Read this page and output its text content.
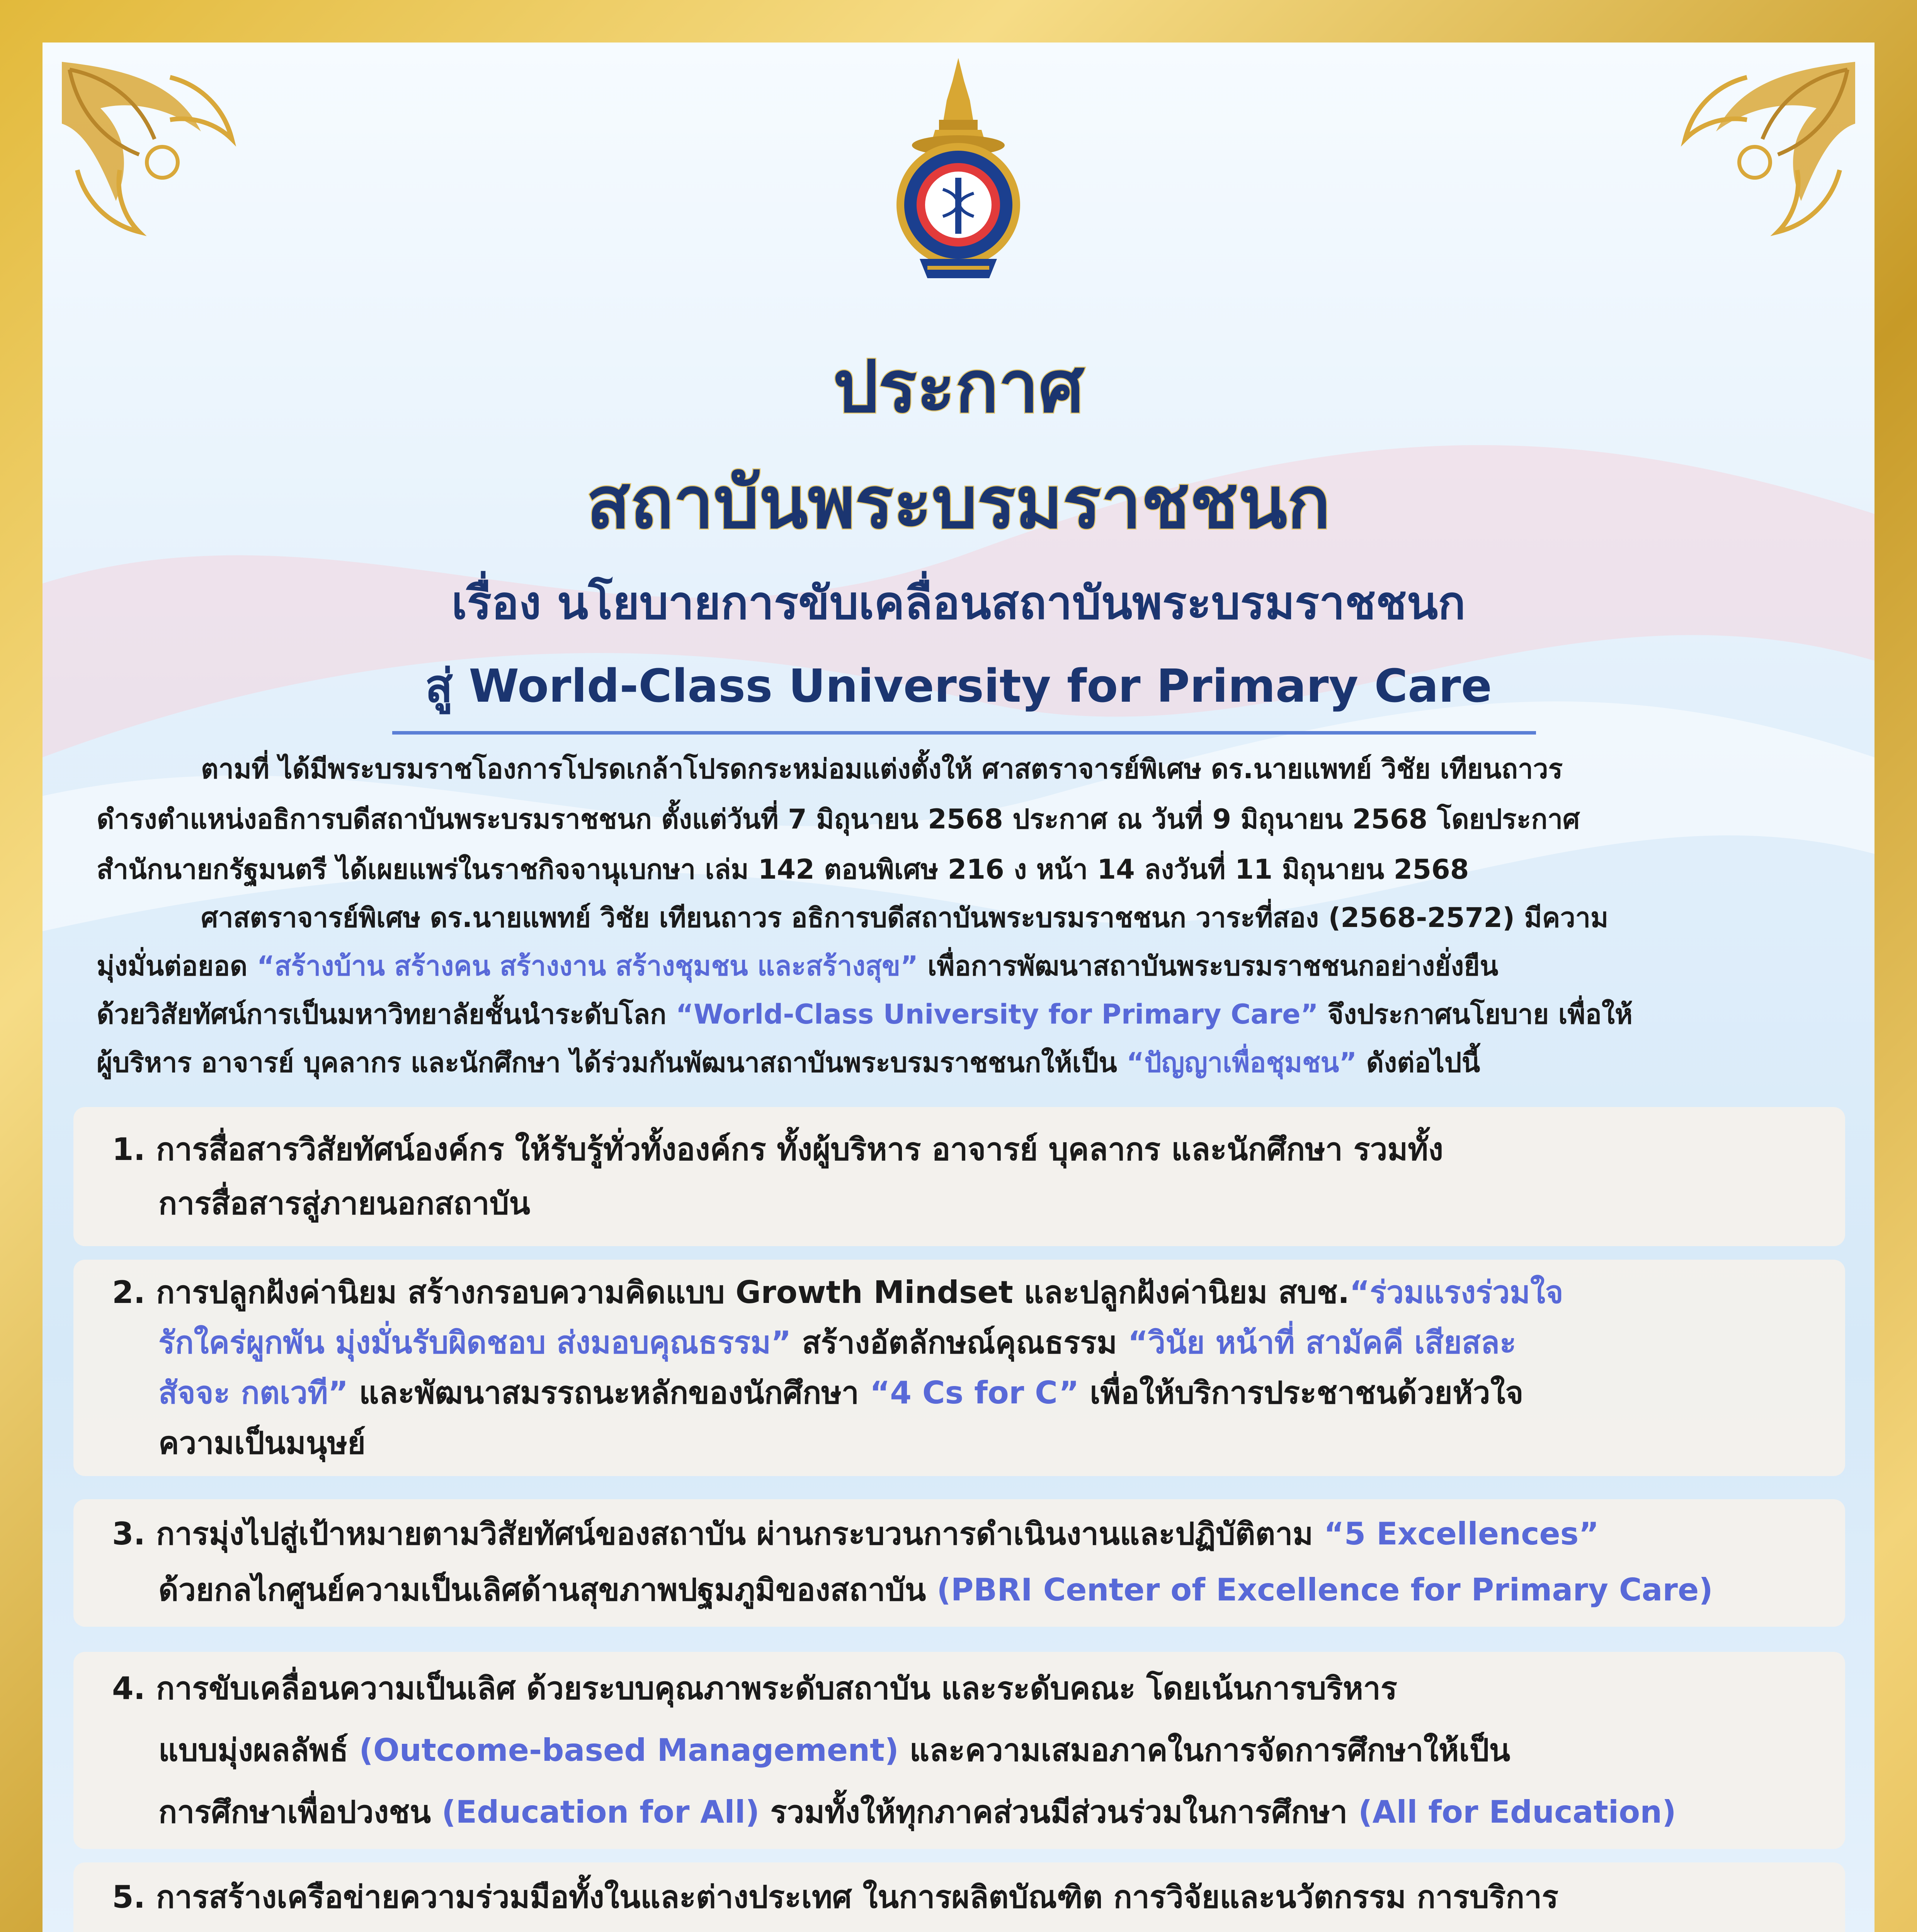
ประกาศ
สถาบันพระบรมราชชนก
เรื่อง นโยบายการขับเคลื่อนสถาบันพระบรมราชชนก
สู่ World-Class University for Primary Care
ตามที่ ได้มีพระบรมราชโองการโปรดเกล้าโปรดกระหม่อมแต่งตั้งให้ ศาสตราจารย์พิเศษ ดร.นายแพทย์ วิชัย เทียนถาวร
ดำรงตำแหน่งอธิการบดีสถาบันพระบรมราชชนก ตั้งแต่วันที่ 7 มิถุนายน 2568 ประกาศ ณ วันที่ 9 มิถุนายน 2568 โดยประกาศ
สำนักนายกรัฐมนตรี ได้เผยแพร่ในราชกิจจานุเบกษา เล่ม 142 ตอนพิเศษ 216 ง หน้า 14 ลงวันที่ 11 มิถุนายน 2568
ศาสตราจารย์พิเศษ ดร.นายแพทย์ วิชัย เทียนถาวร อธิการบดีสถาบันพระบรมราชชนก วาระที่สอง (2568-2572) มีความ
มุ่งมั่นต่อยอด “สร้างบ้าน สร้างคน สร้างงาน สร้างชุมชน และสร้างสุข” เพื่อการพัฒนาสถาบันพระบรมราชชนกอย่างยั่งยืน
ด้วยวิสัยทัศน์การเป็นมหาวิทยาลัยชั้นนำระดับโลก “World-Class University for Primary Care” จึงประกาศนโยบาย เพื่อให้
ผู้บริหาร อาจารย์ บุคลากร และนักศึกษา ได้ร่วมกันพัฒนาสถาบันพระบรมราชชนกให้เป็น “ปัญญาเพื่อชุมชน” ดังต่อไปนี้
1. การสื่อสารวิสัยทัศน์องค์กร ให้รับรู้ทั่วทั้งองค์กร ทั้งผู้บริหาร อาจารย์ บุคลากร และนักศึกษา รวมทั้ง
การสื่อสารสู่ภายนอกสถาบัน
2. การปลูกฝังค่านิยม สร้างกรอบความคิดแบบ Growth Mindset และปลูกฝังค่านิยม สบช.“ร่วมแรงร่วมใจ
รักใคร่ผูกพัน มุ่งมั่นรับผิดชอบ ส่งมอบคุณธรรม” สร้างอัตลักษณ์คุณธรรม “วินัย หน้าที่ สามัคคี เสียสละ
สัจจะ กตเวที” และพัฒนาสมรรถนะหลักของนักศึกษา “4 Cs for C” เพื่อให้บริการประชาชนด้วยหัวใจ
ความเป็นมนุษย์
3. การมุ่งไปสู่เป้าหมายตามวิสัยทัศน์ของสถาบัน ผ่านกระบวนการดำเนินงานและปฏิบัติตาม “5 Excellences”
ด้วยกลไกศูนย์ความเป็นเลิศด้านสุขภาพปฐมภูมิของสถาบัน (PBRI Center of Excellence for Primary Care)
4. การขับเคลื่อนความเป็นเลิศ ด้วยระบบคุณภาพระดับสถาบัน และระดับคณะ โดยเน้นการบริหาร
แบบมุ่งผลลัพธ์ (Outcome-based Management) และความเสมอภาคในการจัดการศึกษาให้เป็น
การศึกษาเพื่อปวงชน (Education for All) รวมทั้งให้ทุกภาคส่วนมีส่วนร่วมในการศึกษา (All for Education)
5. การสร้างเครือข่ายความร่วมมือทั้งในและต่างประเทศ ในการผลิตบัณฑิต การวิจัยและนวัตกรรม การบริการ
